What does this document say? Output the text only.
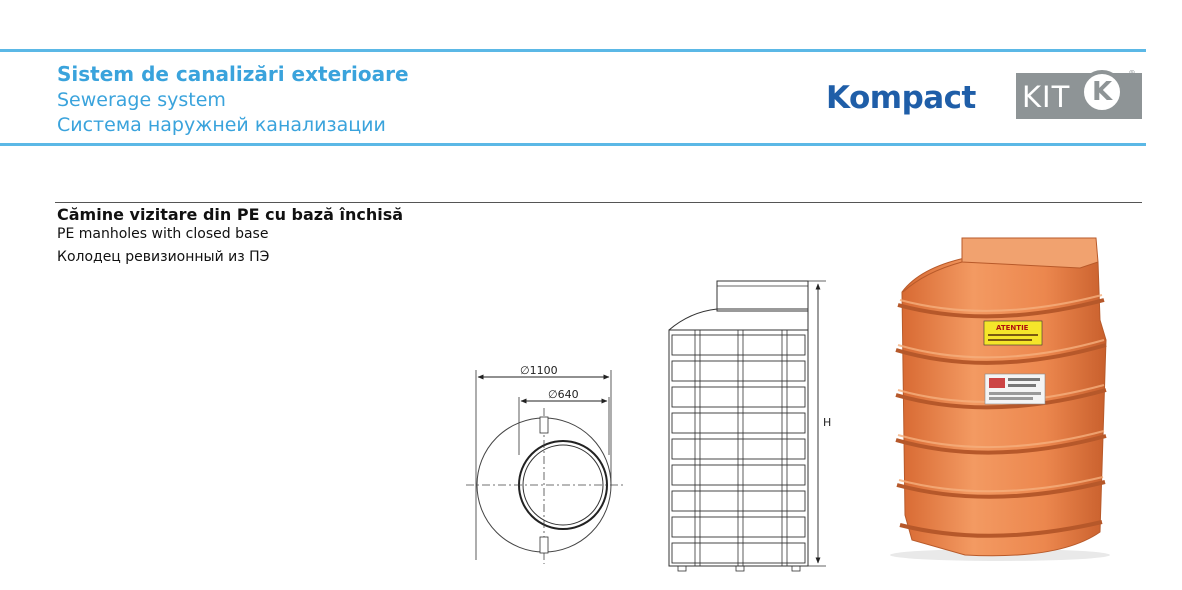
Sistem de canalizări exterioare
Sewerage system
Система наружней канализации
Kompact KIT K
®
Cămine vizitare din PE cu bază închisă
PE manholes with closed base
Колодец ревизионный из ПЭ
∅1100
∅640
H
ATENTIE
